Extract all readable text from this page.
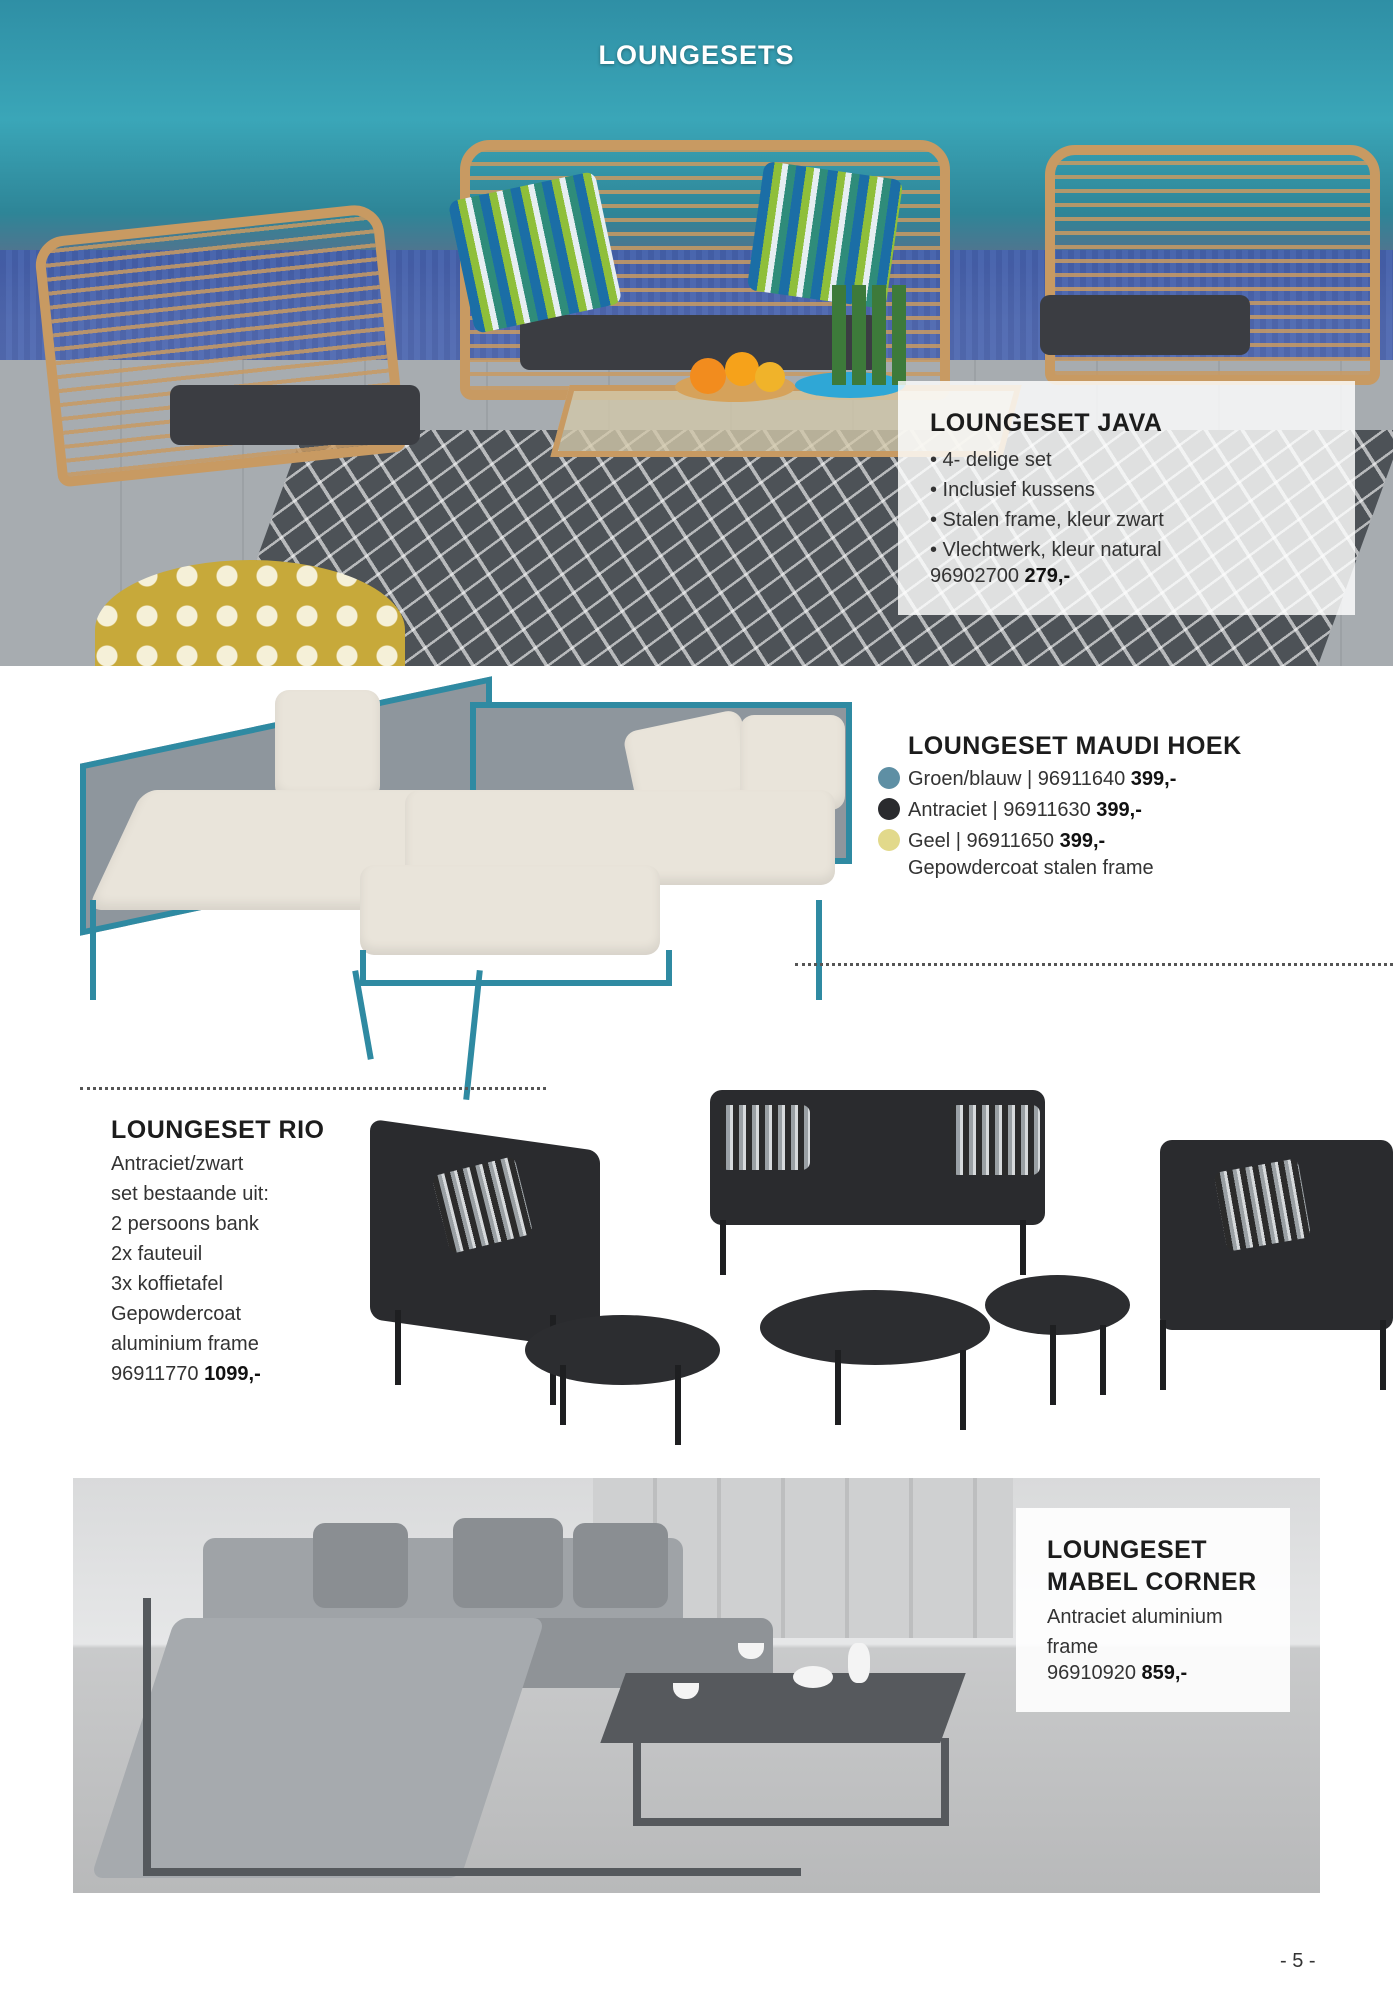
LOUNGESETS
LOUNGESET JAVA
• 4- delige set
• Inclusief kussens
• Stalen frame, kleur zwart
• Vlechtwerk, kleur natural
96902700 279,-
LOUNGESET MAUDI HOEK
Groen/blauw | 96911640 399,-
Antraciet | 96911630 399,-
Geel | 96911650 399,-
Gepowdercoat stalen frame
LOUNGESET RIO
Antraciet/zwart
set bestaande uit:
2 persoons bank
2x fauteuil
3x koffietafel
Gepowdercoat
aluminium frame
96911770 1099,-
LOUNGESET
MABEL CORNER
Antraciet aluminium
frame
96910920 859,-
- 5 -
